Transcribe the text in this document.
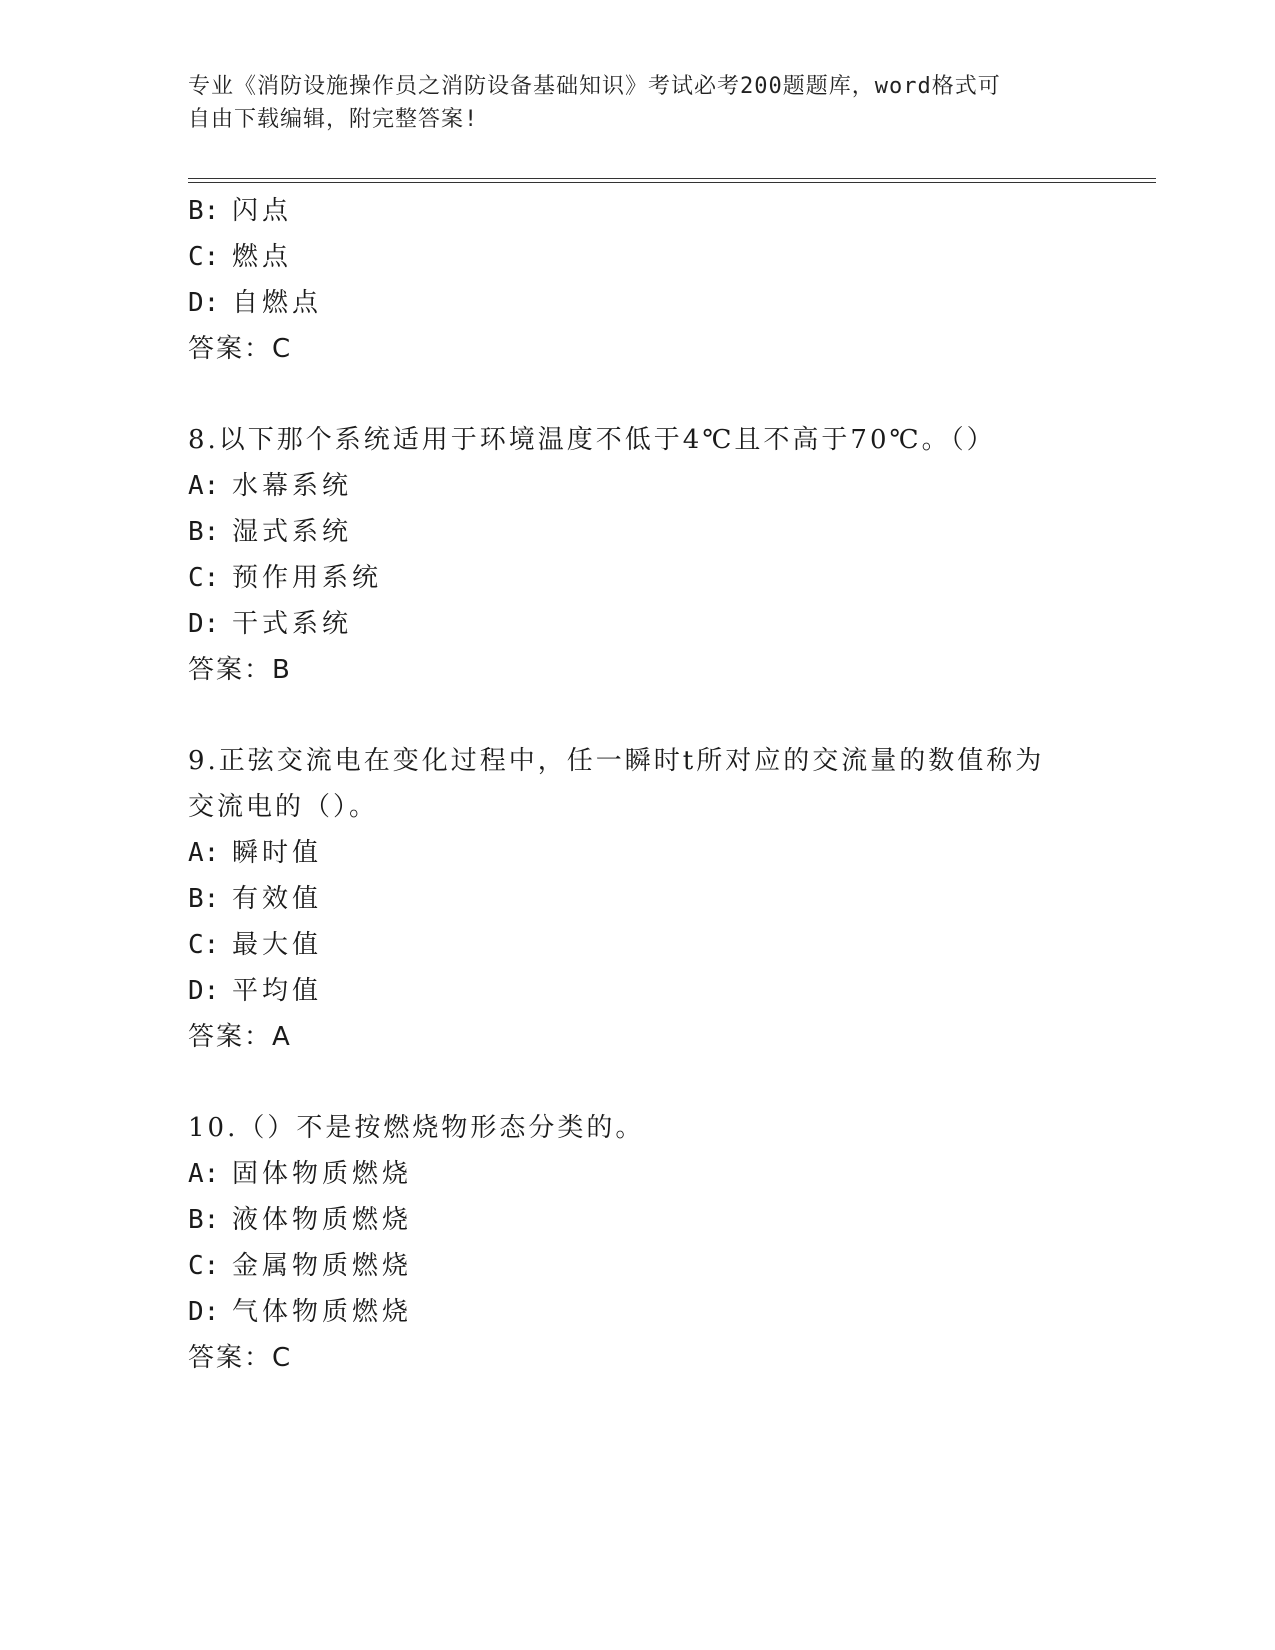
专业《消防设施操作员之消防设备基础知识》考试必考200题题库，word格式可
自由下载编辑，附完整答案!
B: 闪点
C: 燃点
D: 自燃点
答案：C
8.以下那个系统适用于环境温度不低于4℃且不高于70℃。（）
A: 水幕系统
B: 湿式系统
C: 预作用系统
D: 干式系统
答案：B
9.正弦交流电在变化过程中，任一瞬时t所对应的交流量的数值称为
交流电的（）。
A: 瞬时值
B: 有效值
C: 最大值
D: 平均值
答案：A
10.（）不是按燃烧物形态分类的。
A: 固体物质燃烧
B: 液体物质燃烧
C: 金属物质燃烧
D: 气体物质燃烧
答案：C
